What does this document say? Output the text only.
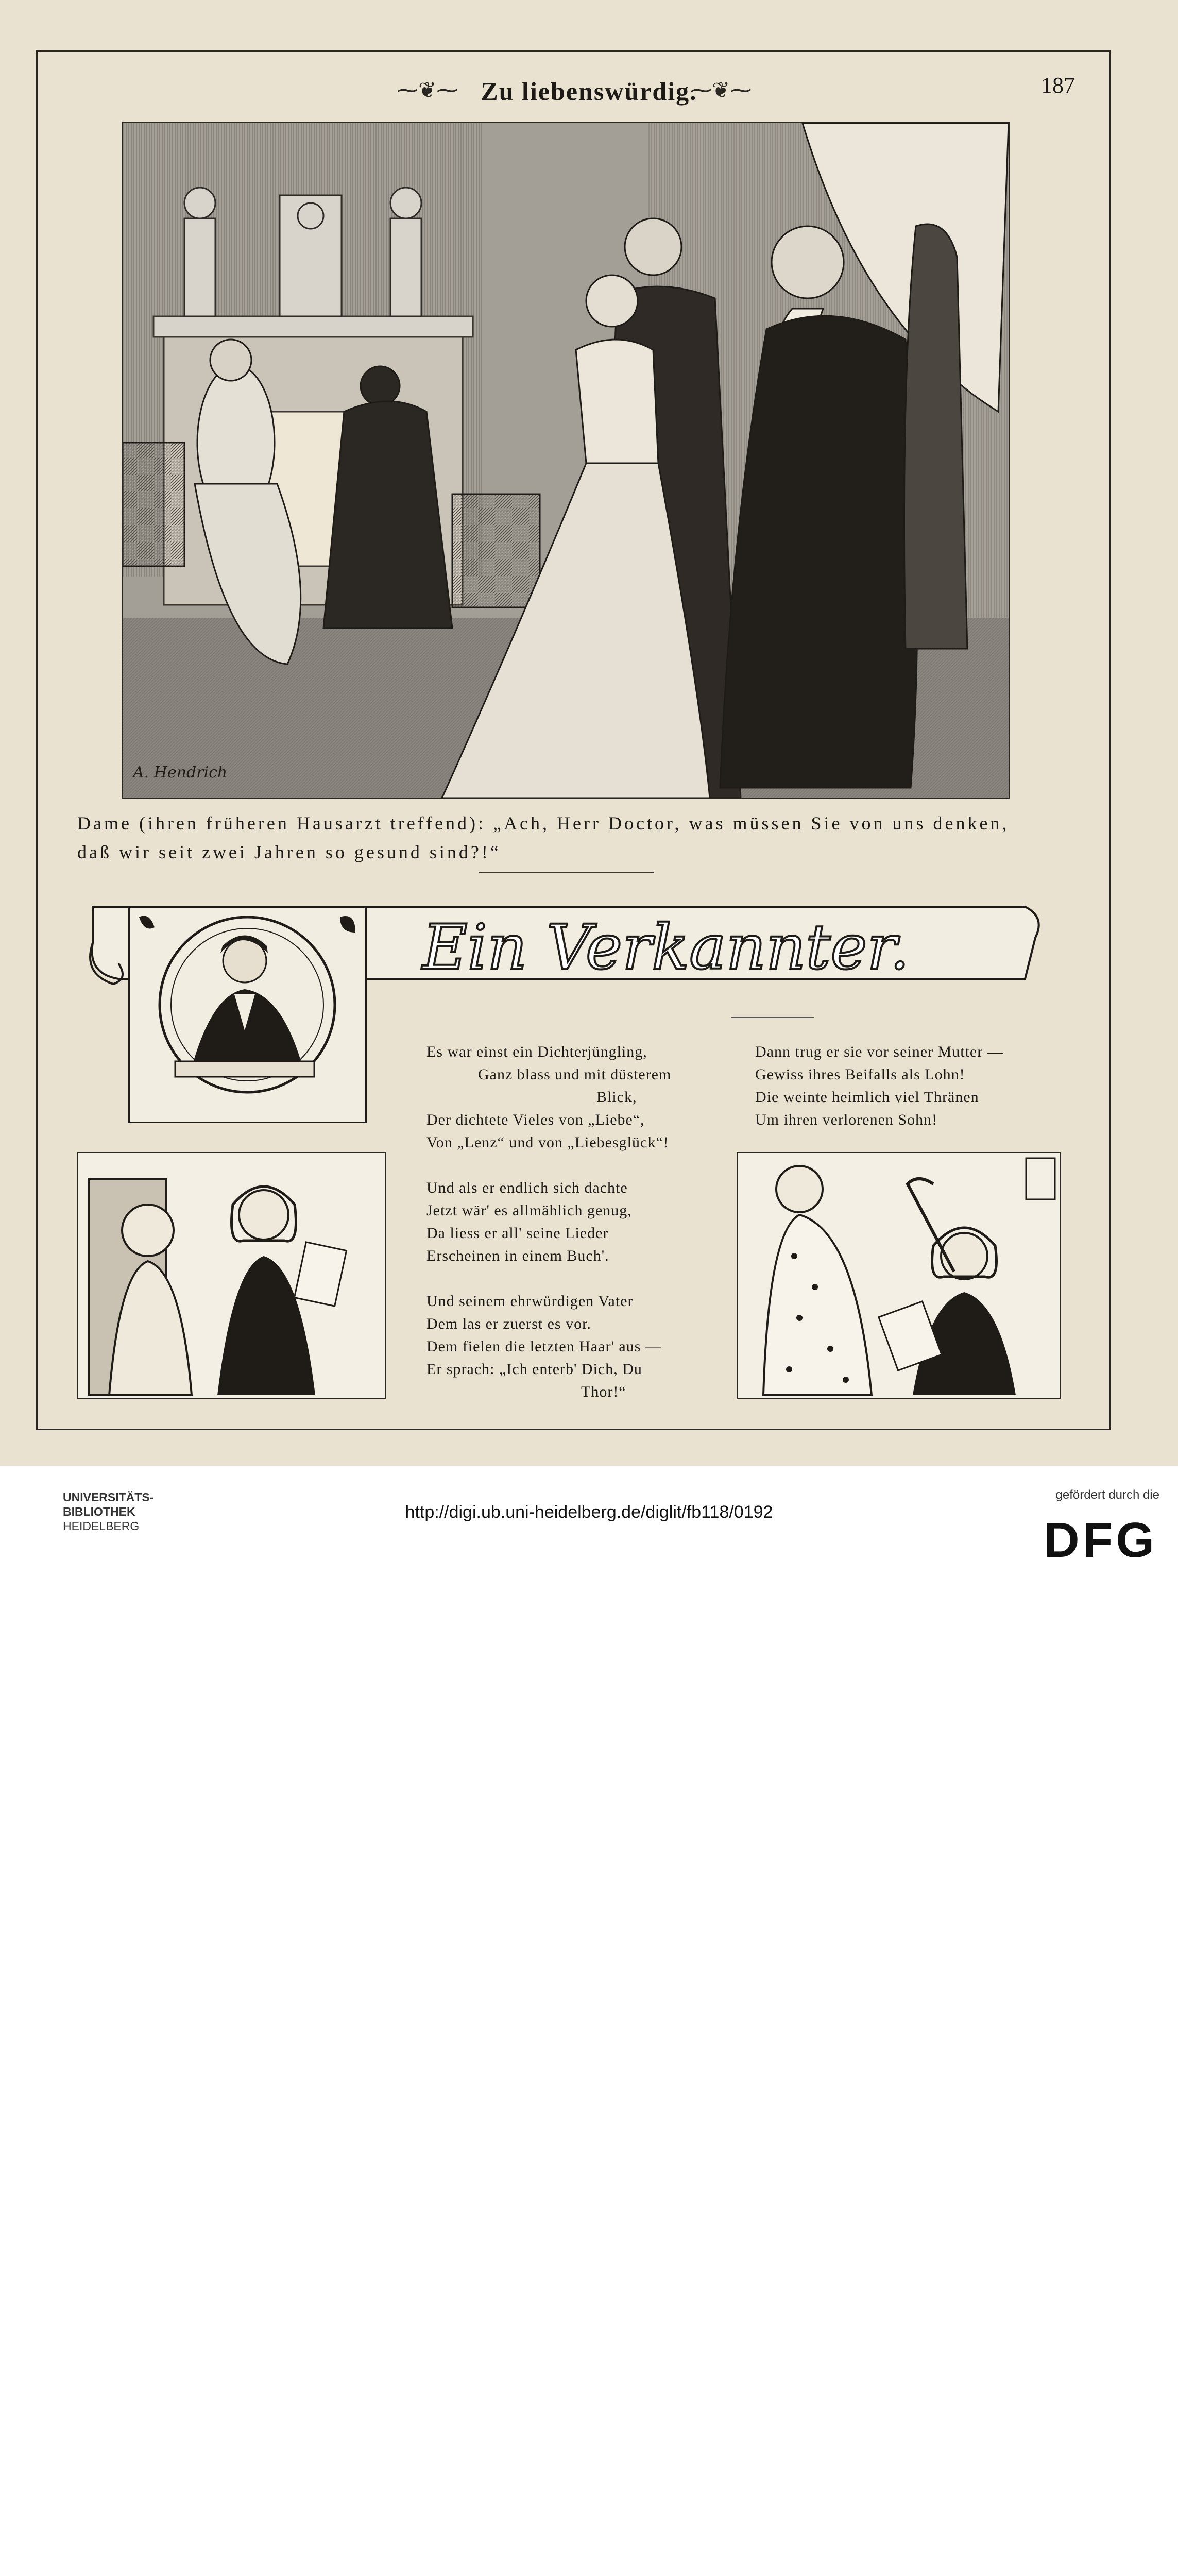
⁓❦⁓ Zu liebenswürdig.
⁓❦⁓	187
A. Hendrich
Dame (ihren früheren Hausarzt treffend): „Ach, Herr Doctor, was müssen Sie von uns denken,
daß wir seit zwei Jahren so gesund sind?!“
Ein Verkannter.

Es war einst ein Dichterjüngling,

Ganz blass und mit düsterem

Blick,

Der dichtete Vieles von „Liebe“,

Von „Lenz“ und von „Liebesglück“!

Und als er endlich sich dachte

Jetzt wär' es allmählich genug,

Da liess er all' seine Lieder

Erscheinen in einem Buch'.

Und seinem ehrwürdigen Vater

Dem las er zuerst es vor.

Dem fielen die letzten Haar' aus —

Er sprach: „Ich enterb' Dich, Du

Thor!“

Dann trug er sie vor seiner Mutter —

Gewiss ihres Beifalls als Lohn!

Die weinte heimlich viel Thränen

Um ihren verlorenen Sohn!

UNIVERSITÄTS-
BIBLIOTHEK
HEIDELBERG
http://digi.ub.uni-heidelberg.de/diglit/fb118/0192
gefördert durch die
DFG
